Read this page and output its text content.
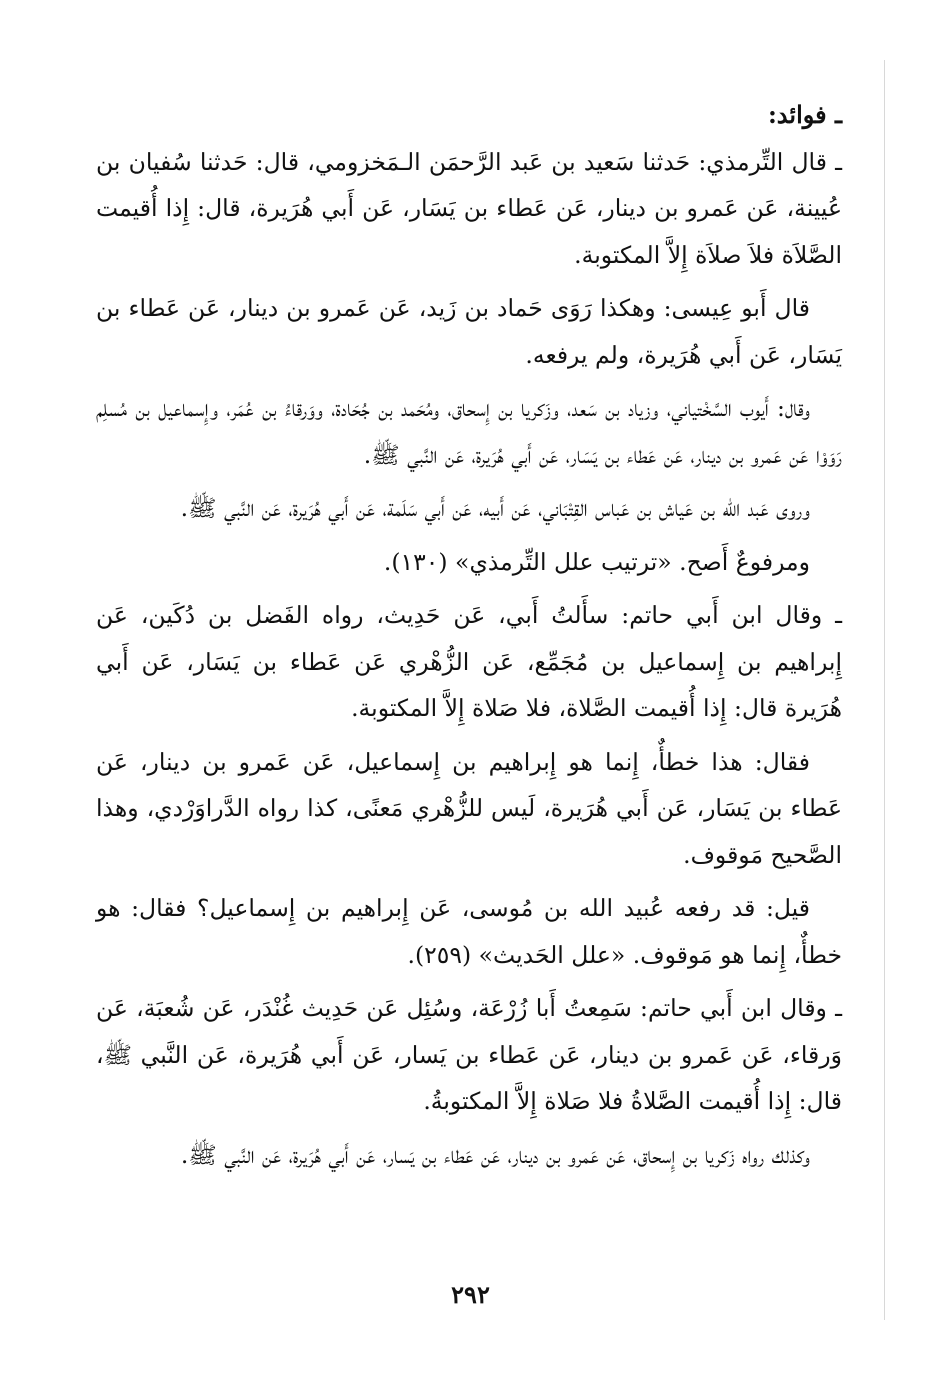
ـ فوائد:

ـ قال التِّرمذي: حَدثنا سَعيد بن عَبد الرَّحمَن الـمَخزومي، قال: حَدثنا سُفيان بن عُيينة، عَن عَمرو بن دينار، عَن عَطاء بن يَسَار، عَن أَبي هُرَيرة، قال: إِذا أُقيمت الصَّلاَة فلاَ صلاَة إِلاَّ المكتوبة.

قال أَبو عِيسى: وهكذا رَوَى حَماد بن زَيد، عَن عَمرو بن دينار، عَن عَطاء بن يَسَار، عَن أَبي هُرَيرة، ولم يرفعه.

وقال: أَيوب السَّخْتياني، وزياد بن سَعد، وزَكريا بن إِسحاق، ومُحَمد بن جُحَادة، ووَرقاءُ بن عُمَر، وإِسماعيل بن مُسلِم رَوَوْا عَن عَمرو بن دينار، عَن عَطاء بن يَسَار، عَن أَبي هُرَيرة، عَن النَّبي ﷺ.

وروى عَبد الله بن عَياش بن عَباس القِتْبَاني، عَن أَبيه، عَن أَبي سَلَمة، عَن أَبي هُرَيرة، عَن النَّبي ﷺ.

ومرفوعٌ أَصح. «ترتيب علل التِّرمذي» (١٣٠).

ـ وقال ابن أَبي حاتم: سأَلتُ أَبي، عَن حَدِيث، رواه الفَضل بن دُكَين، عَن إِبراهيم بن إِسماعيل بن مُجَمِّع، عَن الزُّهْري عَن عَطاء بن يَسَار، عَن أَبي هُرَيرة قال: إِذا أُقيمت الصَّلاة، فلا صَلاة إِلاَّ المكتوبة.

فقال: هذا خطأٌ، إِنما هو إِبراهيم بن إِسماعيل، عَن عَمرو بن دينار، عَن عَطاء بن يَسَار، عَن أَبي هُرَيرة، لَيس للزُّهْري مَعنًى، كذا رواه الدَّراوَرْدي، وهذا الصَّحيح مَوقوف.

قيل: قد رفعه عُبيد الله بن مُوسى، عَن إِبراهيم بن إِسماعيل؟ فقال: هو خطأٌ، إِنما هو مَوقوف. «علل الحَديث» (٢٥٩).

ـ وقال ابن أَبي حاتم: سَمِعتُ أَبا زُرْعَة، وسُئِل عَن حَدِيث غُنْدَر، عَن شُعبَة، عَن وَرقاء، عَن عَمرو بن دينار، عَن عَطاء بن يَسار، عَن أَبي هُرَيرة، عَن النَّبي ﷺ، قال: إِذا أُقيمت الصَّلاةُ فلا صَلاة إِلاَّ المكتوبةُ.

وكذلك رواه زَكريا بن إِسحاق، عَن عَمرو بن دينار، عَن عَطاء بن يَسار، عَن أَبي هُرَيرة، عَن النَّبي ﷺ.

٢٩٢
